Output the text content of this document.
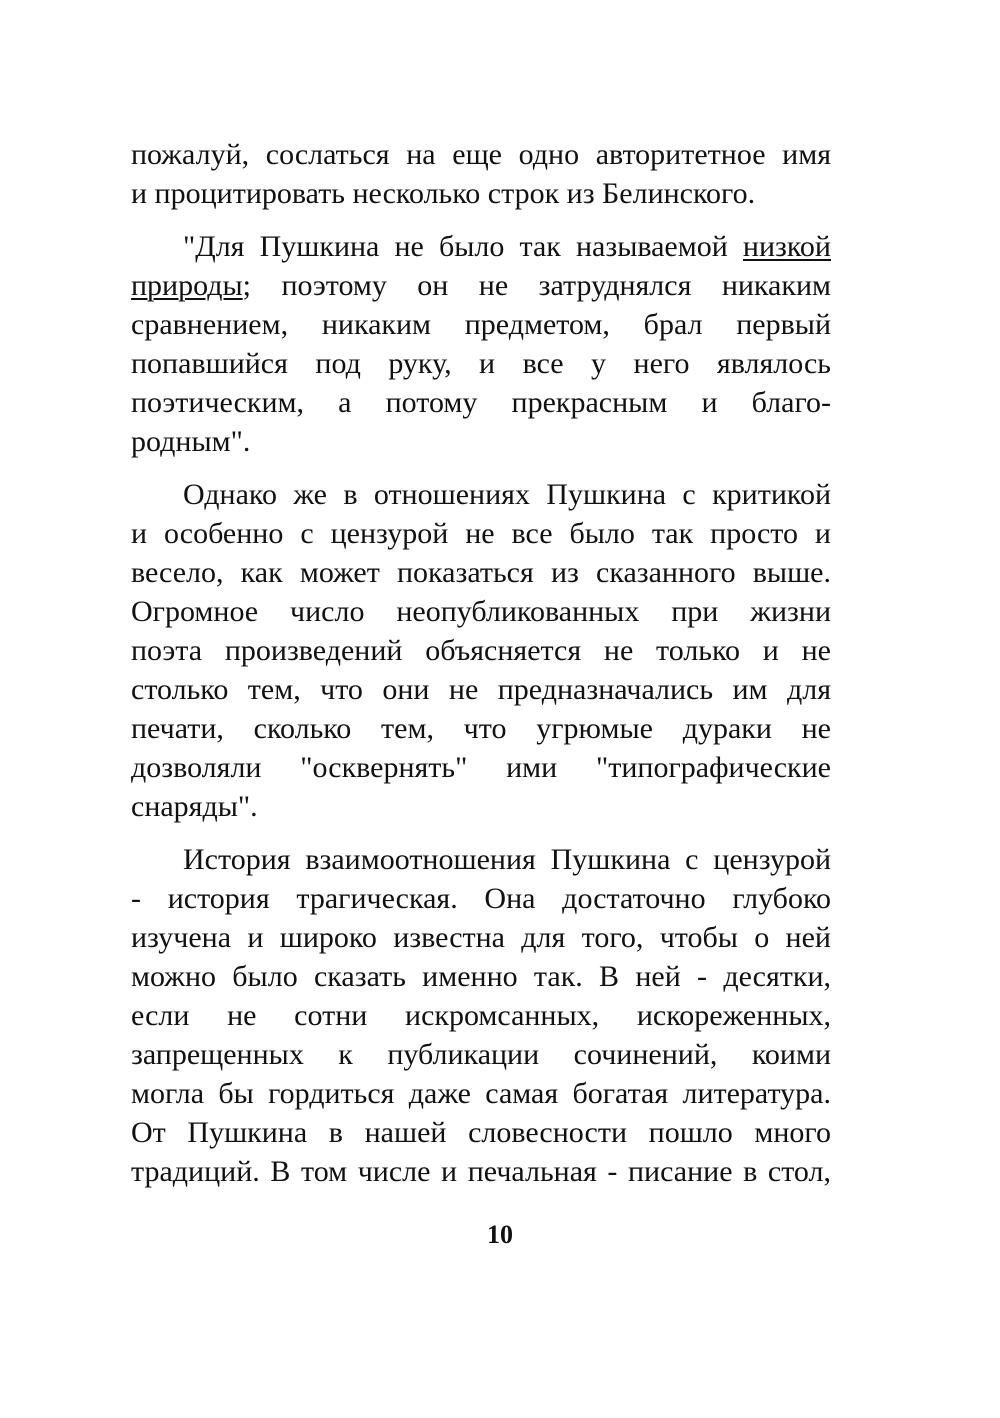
пожалуй, сослаться на еще одно авторитетное имя
и процитировать несколько строк из Белинского.

"Для Пушкина не было так называемой низкой
природы; поэтому он не затруднялся никаким
сравнением, никаким предметом, брал первый
попавшийся под руку, и все у него являлось
поэтическим, а потому прекрасным и благо-
родным".

Однако же в отношениях Пушкина с критикой
и особенно с цензурой не все было так просто и
весело, как может показаться из сказанного выше.
Огромное число неопубликованных при жизни
поэта произведений объясняется не только и не
столько тем, что они не предназначались им для
печати, сколько тем, что угрюмые дураки не
дозволяли "осквернять" ими "типографические
снаряды".

История взаимоотношения Пушкина с цензурой
- история трагическая. Она достаточно глубоко
изучена и широко известна для того, чтобы о ней
можно было сказать именно так. В ней - десятки,
если не сотни искромсанных, искореженных,
запрещенных к публикации сочинений, коими
могла бы гордиться даже самая богатая литература.
От Пушкина в нашей словесности пошло много
традиций. В том числе и печальная - писание в стол,

10
